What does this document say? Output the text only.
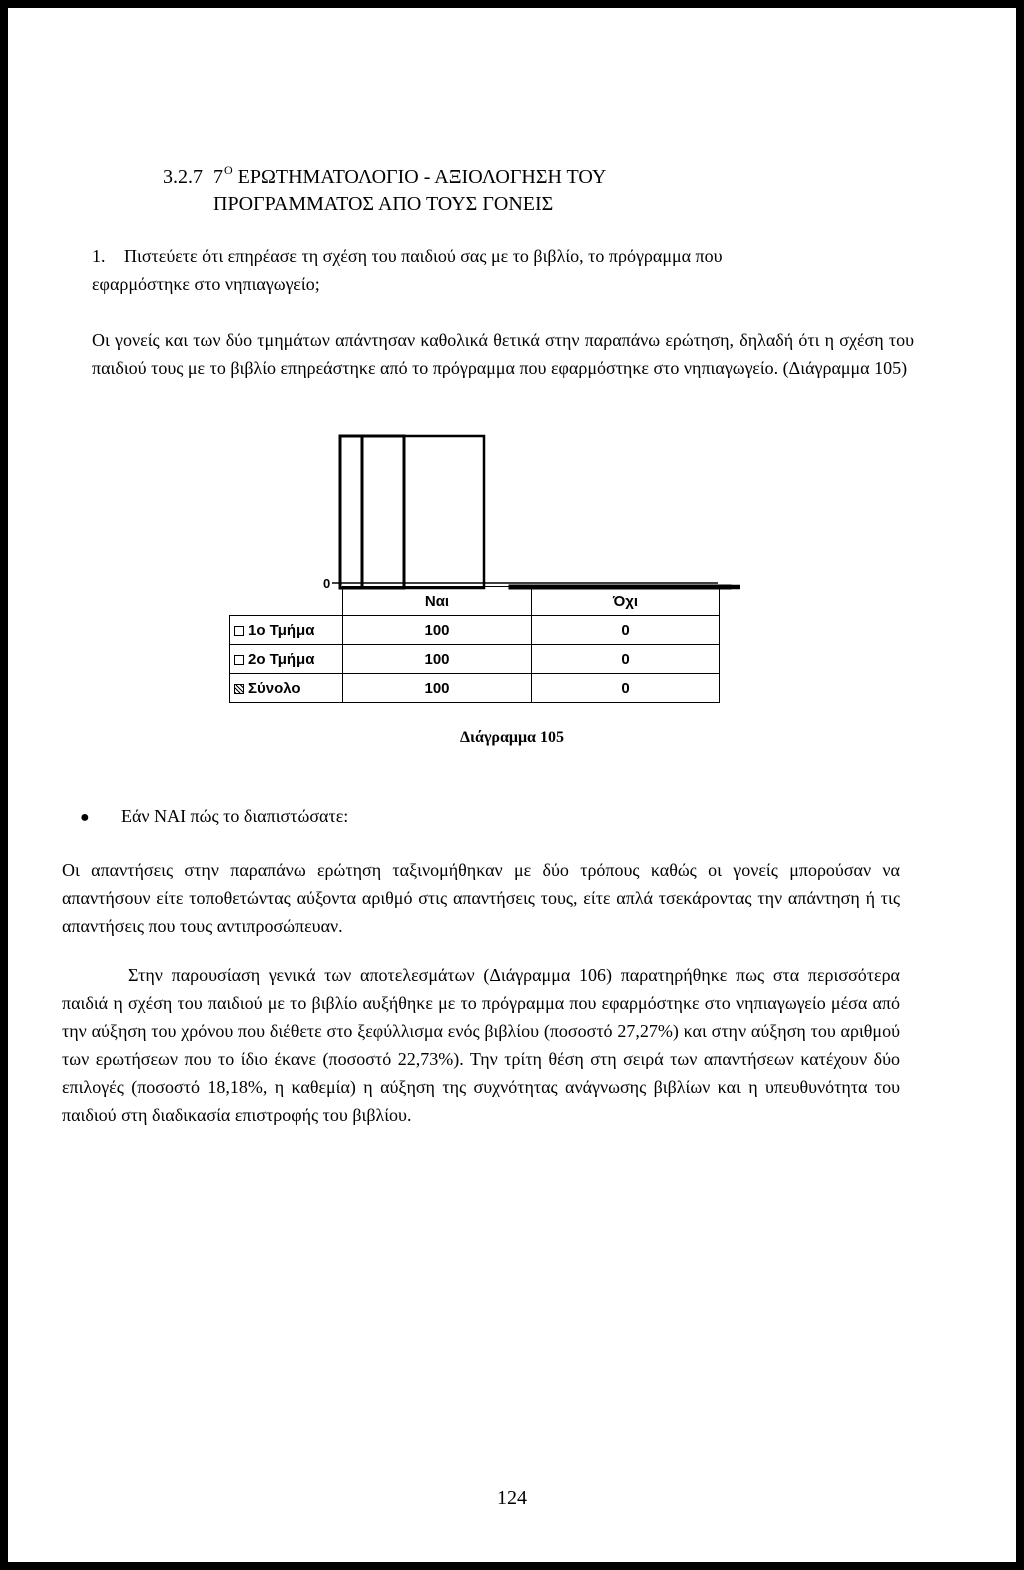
3.2.7 $7^O$ ΕΡΩΤΗΜΑΤΟΛΟΓΙΟ - ΑΞΙΟΛΟΓΗΣΗ ΤΟΥ
ΠΡΟΓΡΑΜΜΑΤΟΣ ΑΠΟ ΤΟΥΣ ΓΟΝΕΙΣ
1. Πιστεύετε ότι επηρέασε τη σχέση του παιδιού σας με το βιβλίο, το πρόγραμμα που
εφαρμόστηκε στο νηπιαγωγείο;
Οι γονείς και των δύο τμημάτων απάντησαν καθολικά θετικά στην παραπάνω ερώτηση, δηλαδή ότι η σχέση του παιδιού τους με το βιβλίο επηρεάστηκε από το πρόγραμμα που εφαρμόστηκε στο νηπιαγωγείο. (Διάγραμμα 105)
0
	Ναι	Όχι
1ο Τμήμα	100	0
2ο Τμήμα	100	0
Σύνολο	100	0
Διάγραμμα 105
● Εάν ΝΑΙ πώς το διαπιστώσατε:
Οι απαντήσεις στην παραπάνω ερώτηση ταξινομήθηκαν με δύο τρόπους καθώς οι γονείς μπορούσαν να απαντήσουν είτε τοποθετώντας αύξοντα αριθμό στις απαντήσεις τους, είτε απλά τσεκάροντας την απάντηση ή τις απαντήσεις που τους αντιπροσώπευαν.
Στην παρουσίαση γενικά των αποτελεσμάτων (Διάγραμμα 106) παρατηρήθηκε πως στα περισσότερα παιδιά η σχέση του παιδιού με το βιβλίο αυξήθηκε με το πρόγραμμα που εφαρμόστηκε στο νηπιαγωγείο μέσα από την αύξηση του χρόνου που διέθετε στο ξεφύλλισμα ενός βιβλίου (ποσοστό 27,27%) και στην αύξηση του αριθμού των ερωτήσεων που το ίδιο έκανε (ποσοστό 22,73%). Την τρίτη θέση στη σειρά των απαντήσεων κατέχουν δύο επιλογές (ποσοστό 18,18%, η καθεμία) η αύξηση της συχνότητας ανάγνωσης βιβλίων και η υπευθυνότητα του παιδιού στη διαδικασία επιστροφής του βιβλίου.
124
